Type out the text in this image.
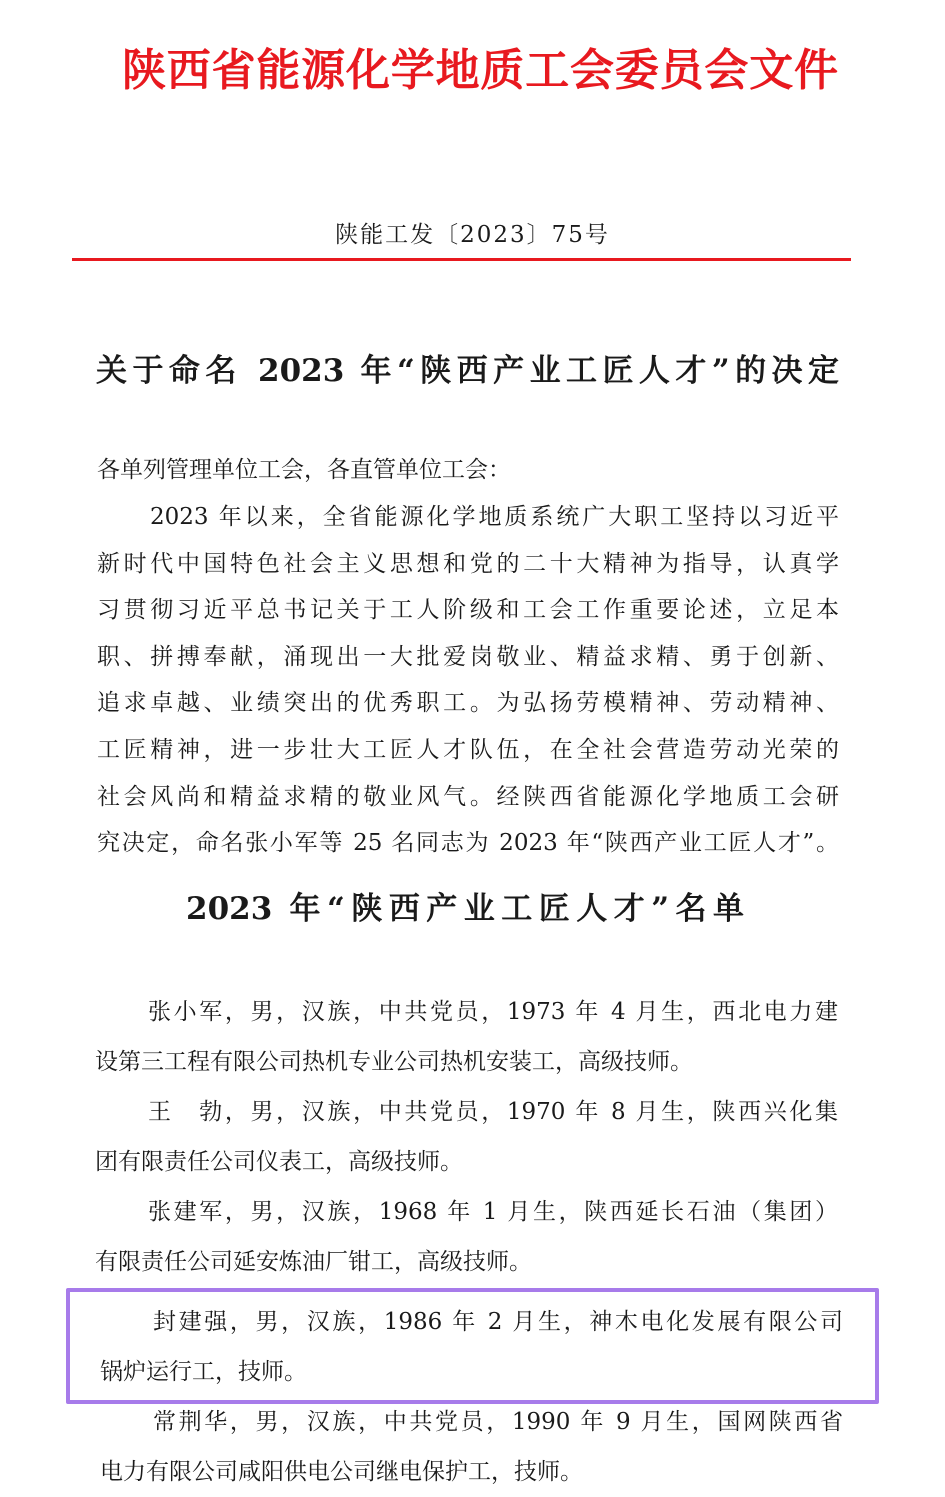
陕西省能源化学地质工会委员会文件
陕能工发〔2023〕75号
关于命名 2023 年“陕西产业工匠人才”的决定
各单列管理单位工会，各直管单位工会：
2023 年以来，全省能源化学地质系统广大职工坚持以习近平
新时代中国特色社会主义思想和党的二十大精神为指导，认真学
习贯彻习近平总书记关于工人阶级和工会工作重要论述，立足本
职、拼搏奉献，涌现出一大批爱岗敬业、精益求精、勇于创新、
追求卓越、业绩突出的优秀职工。为弘扬劳模精神、劳动精神、
工匠精神，进一步壮大工匠人才队伍，在全社会营造劳动光荣的
社会风尚和精益求精的敬业风气。经陕西省能源化学地质工会研
究决定，命名张小军等 25 名同志为 2023 年“陕西产业工匠人才”。
2023 年“陕西产业工匠人才”名单
张小军，男，汉族，中共党员，1973 年 4 月生，西北电力建
设第三工程有限公司热机专业公司热机安装工，高级技师。
王　勃，男，汉族，中共党员，1970 年 8 月生，陕西兴化集
团有限责任公司仪表工，高级技师。
张建军，男，汉族，1968 年 1 月生，陕西延长石油（集团）
有限责任公司延安炼油厂钳工，高级技师。
封建强，男，汉族，1986 年 2 月生，神木电化发展有限公司
锅炉运行工，技师。
常荆华，男，汉族，中共党员，1990 年 9 月生，国网陕西省
电力有限公司咸阳供电公司继电保护工，技师。
